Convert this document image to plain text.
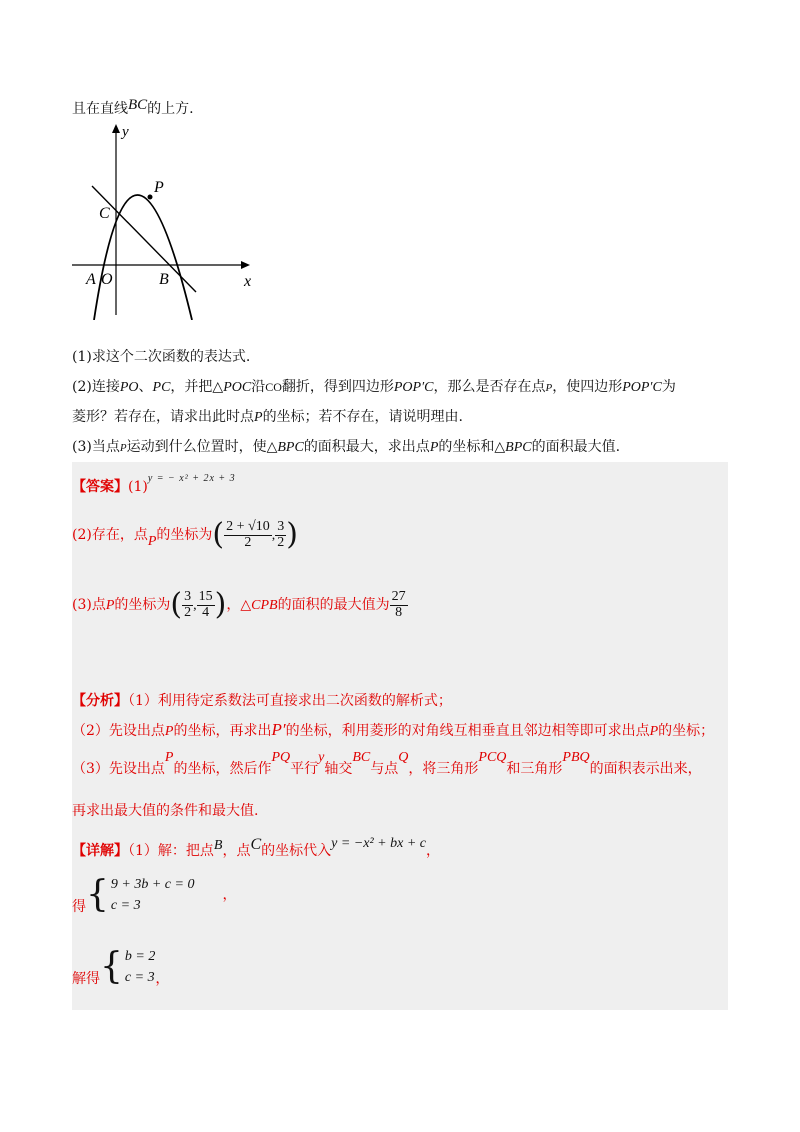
且在直线BC的上方.
y
x
P
C
A O	B
(1)求这个二次函数的表达式.
(2)连接PO、PC，并把△POC沿CO翻折，得到四边形POP′C，那么是否存在点P，使四边形POP′C为
菱形？若存在，请求出此时点P的坐标；若不存在，请说明理由.
(3)当点P运动到什么位置时，使△BPC的面积最大，求出点P的坐标和△BPC的面积最大值.
【答案】$(1)^{y = - x^2 + 2x + 3}$
(2)存在，点P的坐标为( $\frac{2 + √10}{2}$ , $\frac{3}{2}$ )
(3)点P的坐标为( $\frac{3}{2}$ , $\frac{15}{4}$ )，△CPB的面积的最大值为 $\frac{27}{8}$
【分析】（1）利用待定系数法可直接求出二次函数的解析式；
（2）先设出点P的坐标，再求出P′的坐标，利用菱形的对角线互相垂直且邻边相等即可求出点P的坐标；
（3）先设出点P的坐标，然后作PQ平行y轴交BC与点Q，将三角形PCQ和三角形PBQ的面积表示出来，
再求出最大值的条件和最大值.
【详解】（1）解：把点B，点C的坐标代入y = −x² + bx + c，
得 { 9 + 3b + c = 0
c = 3
，
解得 { b = 2
c = 3 ，
